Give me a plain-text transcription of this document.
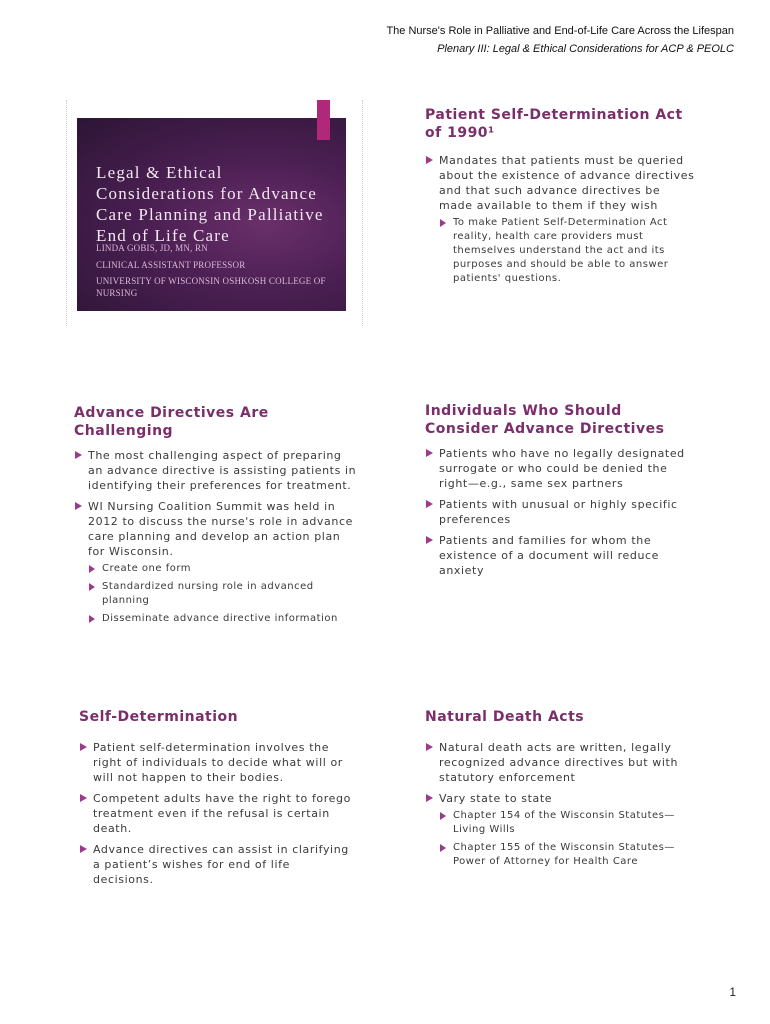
The Nurse's Role in Palliative and End-of-Life Care Across the Lifespan
Plenary III: Legal & Ethical Considerations for ACP & PEOLC
Legal & Ethical Considerations for Advance Care Planning and Palliative End of Life Care
LINDA GOBIS, JD, MN, RN
CLINICAL ASSISTANT PROFESSOR
UNIVERSITY OF WISCONSIN OSHKOSH COLLEGE OF NURSING
Patient Self-Determination Act of 1990¹
Mandates that patients must be queried about the existence of advance directives and that such advance directives be made available to them if they wish
To make Patient Self-Determination Act reality, health care providers must themselves understand the act and its purposes and should be able to answer patients' questions.
Advance Directives Are Challenging
The most challenging aspect of preparing an advance directive is assisting patients in identifying their preferences for treatment.
WI Nursing Coalition Summit was held in 2012 to discuss the nurse's role in advance care planning and develop an action plan for Wisconsin.
Create one form
Standardized nursing role in advanced planning
Disseminate advance directive information
Individuals Who Should Consider Advance Directives
Patients who have no legally designated surrogate or who could be denied the right—e.g., same sex partners
Patients with unusual or highly specific preferences
Patients and families for whom the existence of a document will reduce anxiety
Self-Determination
Patient self-determination involves the right of individuals to decide what will or will not happen to their bodies.
Competent adults have the right to forego treatment even if the refusal is certain death.
Advance directives can assist in clarifying a patient’s wishes for end of life decisions.
Natural Death Acts
Natural death acts are written, legally recognized advance directives but with statutory enforcement
Vary state to state
Chapter 154 of the Wisconsin Statutes—Living Wills
Chapter 155 of the Wisconsin Statutes—Power of Attorney for Health Care
1
